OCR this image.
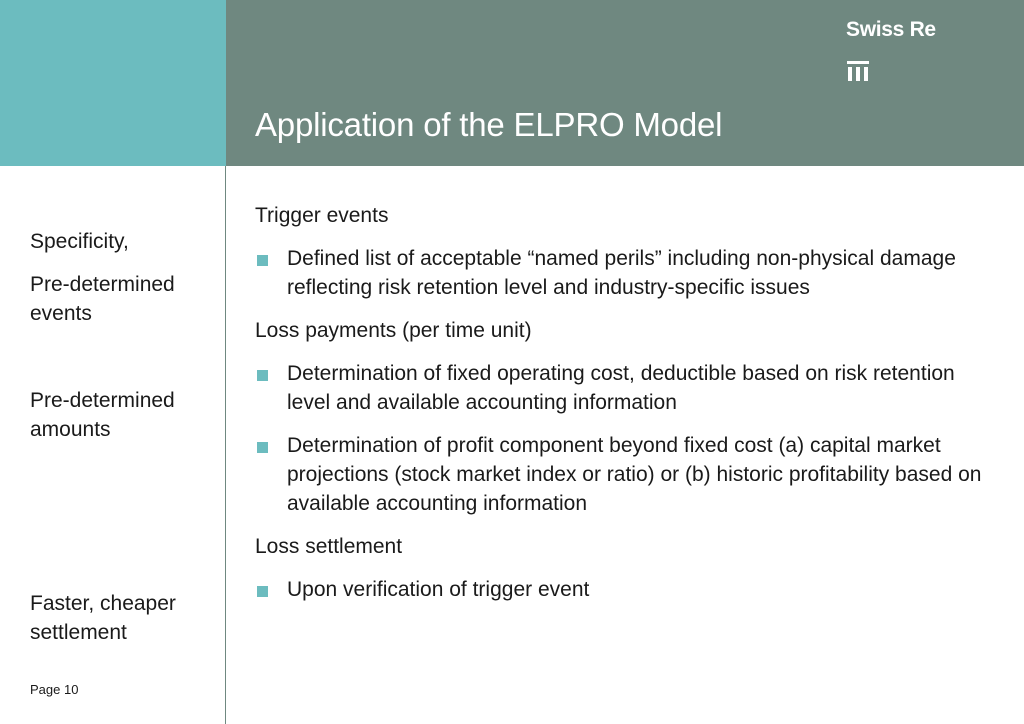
Swiss Re
Application of the ELPRO Model
Specificity,
Pre-determined events
Pre-determined amounts
Faster, cheaper settlement
Page 10
Trigger events
Defined list of acceptable “named perils” including non-physical damage reflecting risk retention level and industry-specific issues
Loss payments (per time unit)
Determination of fixed operating cost, deductible based on risk retention level and available accounting information
Determination of profit component beyond fixed cost (a) capital market projections (stock market index or ratio) or (b) historic profitability based on available accounting information
Loss settlement
Upon verification of trigger event
